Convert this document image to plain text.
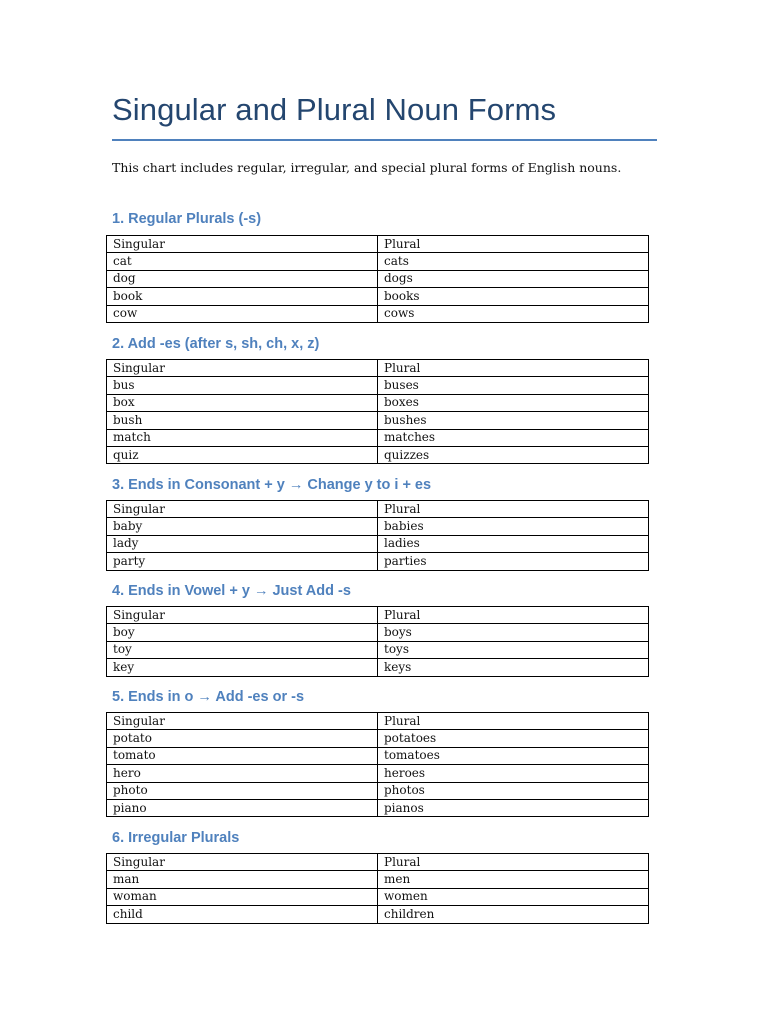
Singular and Plural Noun Forms
This chart includes regular, irregular, and special plural forms of English nouns.
1. Regular Plurals (-s)
Singular	Plural
cat	cats
dog	dogs
book	books
cow	cows
2. Add -es (after s, sh, ch, x, z)
Singular	Plural
bus	buses
box	boxes
bush	bushes
match	matches
quiz	quizzes
3. Ends in Consonant + y → Change y to i + es
Singular	Plural
baby	babies
lady	ladies
party	parties
4. Ends in Vowel + y → Just Add -s
Singular	Plural
boy	boys
toy	toys
key	keys
5. Ends in o → Add -es or -s
Singular	Plural
potato	potatoes
tomato	tomatoes
hero	heroes
photo	photos
piano	pianos
6. Irregular Plurals
Singular	Plural
man	men
woman	women
child	children
